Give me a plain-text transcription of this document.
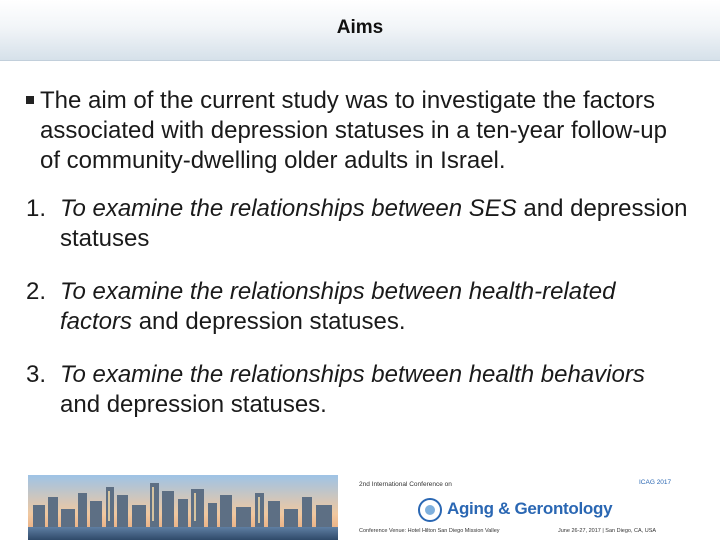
Aims
The aim of the current study was to investigate the factors associated with depression statuses in a ten-year follow-up of community-dwelling older adults in Israel.
1. To examine the relationships between SES and depression statuses
2. To examine the relationships between health-related factors and depression statuses.
3. To examine the relationships between health behaviors and depression statuses.
2nd International Conference on	ICAG 2017
Aging & Gerontology
Conference Venue: Hotel Hilton San Diego Mission Valley	June 26-27, 2017 | San Diego, CA, USA
